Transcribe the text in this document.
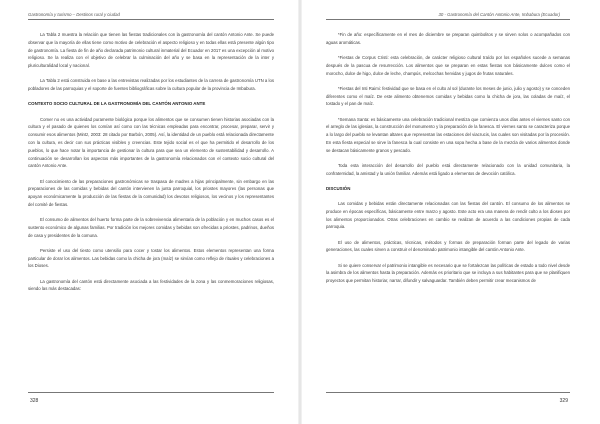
Gastronomía y turismo – Destinos rural y ciudad

La Tabla 2 muestra la relación que tienen las fiestas tradicionales con la gastronomía del cantón Antonio Ante. Se puede observar que la mayoría de ellas tiene como motivo de celebración el aspecto religioso y en todas ellas está presente algún tipo de gastronomía. La fiesta de fin de año declarada patrimonio cultural inmaterial del Ecuador en 2017 es una excepción al motivo religioso. Se la realiza con el objetivo de celebrar la culminación del año y se basa en la representación de la inter y pluriculturalidad local y nacional.

La Tabla 2 está construida en base a las entrevistas realizadas por los estudiantes de la carrera de gastronomía UTN a los pobladores de las parroquias y el soporte de fuentes bibliográficas sobre la cultura popular de la provincia de Imbabura.

CONTEXTO SOCIO CULTURAL DE LA GASTRONOMÍA DEL CANTÓN ANTONIO ANTE

Comer no es una actividad puramente biológica porque los alimentos que se consumen tienen historias asociadas con la cultura y el pasado de quienes los comían así como con las técnicas empleadas para encontrar, procesar, preparar, servir y consumir esos alimentos (Mintz, 2003: 28 citado por Barbón, 2005). Así, la identidad de un pueblo está relacionada directamente con la cultura, es decir con sus prácticas visibles y creencias. Este tejido social es el que ha permitido el desarrollo de los pueblos, lo que hace notar la importancia de gestionar la cultura para que sea un elemento de sustentabilidad y desarrollo. A continuación se desarrollan los aspectos más importantes de la gastronomía relacionados con el contexto socio cultural del cantón Antonio Ante.

El conocimiento de las preparaciones gastronómicas se traspasa de madres a hijas principalmente, sin embargo en las preparaciones de las comidas y bebidas del cantón intervienen la junta parroquial, los priostes mayores (las personas que apoyan económicamente la producción de las fiestas de la comunidad) los devotos religiosos, los vecinos y los representantes del comité de fiestas.

El consumo de alimentos del huerto forma parte de la sobrevivencia alimentaria de la población y en muchos casos es el sustento económico de algunas familias. Por tradición los mejores comidas y bebidas son ofrecidas a priostes, padrinos, dueños de casa y presidentes de la comuna.

Persiste el uso del tiesto como utensilio para cocer y tostar los alimentos. Estos elementos representan una forma particular de dorar los alimentos. Las bebidas como la chicha de jora (maíz) se sirvían como reflejo de rituales y celebraciones a los Dioses.

La gastronomía del cantón está directamente asociada a las festividades de la zona y las conmemoraciones religiosas, siendo las más destacadas:

328
30 - Gastronomía del Cantón Antonio Ante, Imbabura (Ecuador)

*Fin de año: específicamente en el mes de diciembre se preparan quimbolitos y se sirven solos o acompañados con aguas aromáticas.

*Fiestas de Corpus Cristi: esta celebración, de carácter religioso cultural traído por los españoles sucede a semanas después de la pascua de resurrección. Los alimentos que se preparan en estas fiestas son básicamente dulces como el morocho, dulce de higo, dulce de leche, champús, melcochas hervidas y jugos de frutas naturales.

*Fiestas del Inti Raimi: festividad que se basa en el culto al sol (durante los meses de junio, julio y agosto) y se conceden diferentes como el maíz. De este alimento obtenemos comidas y bebidas como la chicha de jora, las coladas de maíz, el tostado y el pan de maíz.

*Semana Santa: es básicamente una celebración tradicional mestiza que comienza unos días antes el viernes santo con el arreglo de las iglesias, la construcción del monumento y la preparación de la fanesca. El viernes santo se caracteriza porque a lo largo del pueblo se levantan altares que representan las estaciones del viacrucis, las cuales son visitadas por la procesión. En esta fiesta especial se sirve la fanesca la cual consiste en una sopa hecha a base de la mezcla de varios alimentos donde se destacan básicamente granos y pescado.

Toda esta interacción del desarrollo del pueblo está directamente relacionado con la unidad comunitaria, la confraternidad, la amistad y la unión familiar. Además está ligado a elementos de devoción católica.

DISCUSIÓN

Las comidas y bebidas están directamente relacionadas con las fiestas del cantón. El consumo de los alimentos se produce en épocas específicas, básicamente entre marzo y agosto. Este acto era una manera de rendir culto a los dioses por los alimentos proporcionados. Otras celebraciones en cambio se realizan de acuerdo a las condiciones propias de cada parroquia.

El uso de alimentos, prácticas, técnicas, métodos y formas de preparación forman parte del legado de varias generaciones, las cuales sirven a construir el denominado patrimonio intangible del cantón Antonio Ante.

Si se quiere conservar el patrimonio intangible es necesario que se fortalezcan las políticas de estado a todo nivel desde la asimbra de los alimentos hasta la preparación. Además es prioritario que se incluya a sus habitantes para que se planifiquen proyectos que permitan historiar, narrar, difundir y salvaguardar. También deben permitir crear mecanismos de

329
